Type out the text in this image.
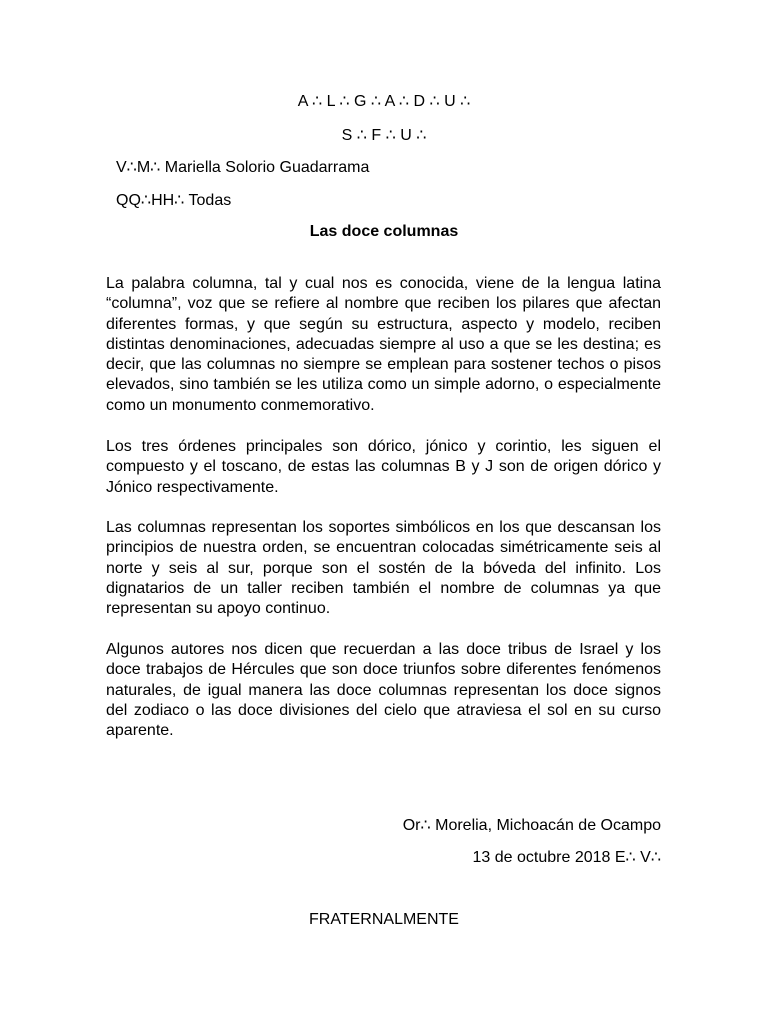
A ∴ L ∴ G ∴ A ∴ D ∴ U ∴
S ∴ F ∴ U ∴
V∴M∴ Mariella Solorio Guadarrama
QQ∴HH∴ Todas
Las doce columnas
La palabra columna, tal y cual nos es conocida, viene de la lengua latina “columna”, voz que se refiere al nombre que reciben los pilares que afectan diferentes formas, y que según su estructura, aspecto y modelo, reciben distintas denominaciones, adecuadas siempre al uso a que se les destina; es decir, que las columnas no siempre se emplean para sostener techos o pisos elevados, sino también se les utiliza como un simple adorno, o especialmente como un monumento conmemorativo.
Los tres órdenes principales son dórico, jónico y corintio, les siguen el compuesto y el toscano, de estas las columnas B y J son de origen dórico y Jónico respectivamente.
Las columnas representan los soportes simbólicos en los que descansan los principios de nuestra orden, se encuentran colocadas simétricamente seis al norte y seis al sur, porque son el sostén de la bóveda del infinito. Los dignatarios de un taller reciben también el nombre de columnas ya que representan su apoyo continuo.
Algunos autores nos dicen que recuerdan a las doce tribus de Israel y los doce trabajos de Hércules que son doce triunfos sobre diferentes fenómenos naturales, de igual manera las doce columnas representan los doce signos del zodiaco o las doce divisiones del cielo que atraviesa el sol en su curso aparente.
Or∴ Morelia, Michoacán de Ocampo
13 de octubre 2018 E∴ V∴
FRATERNALMENTE
